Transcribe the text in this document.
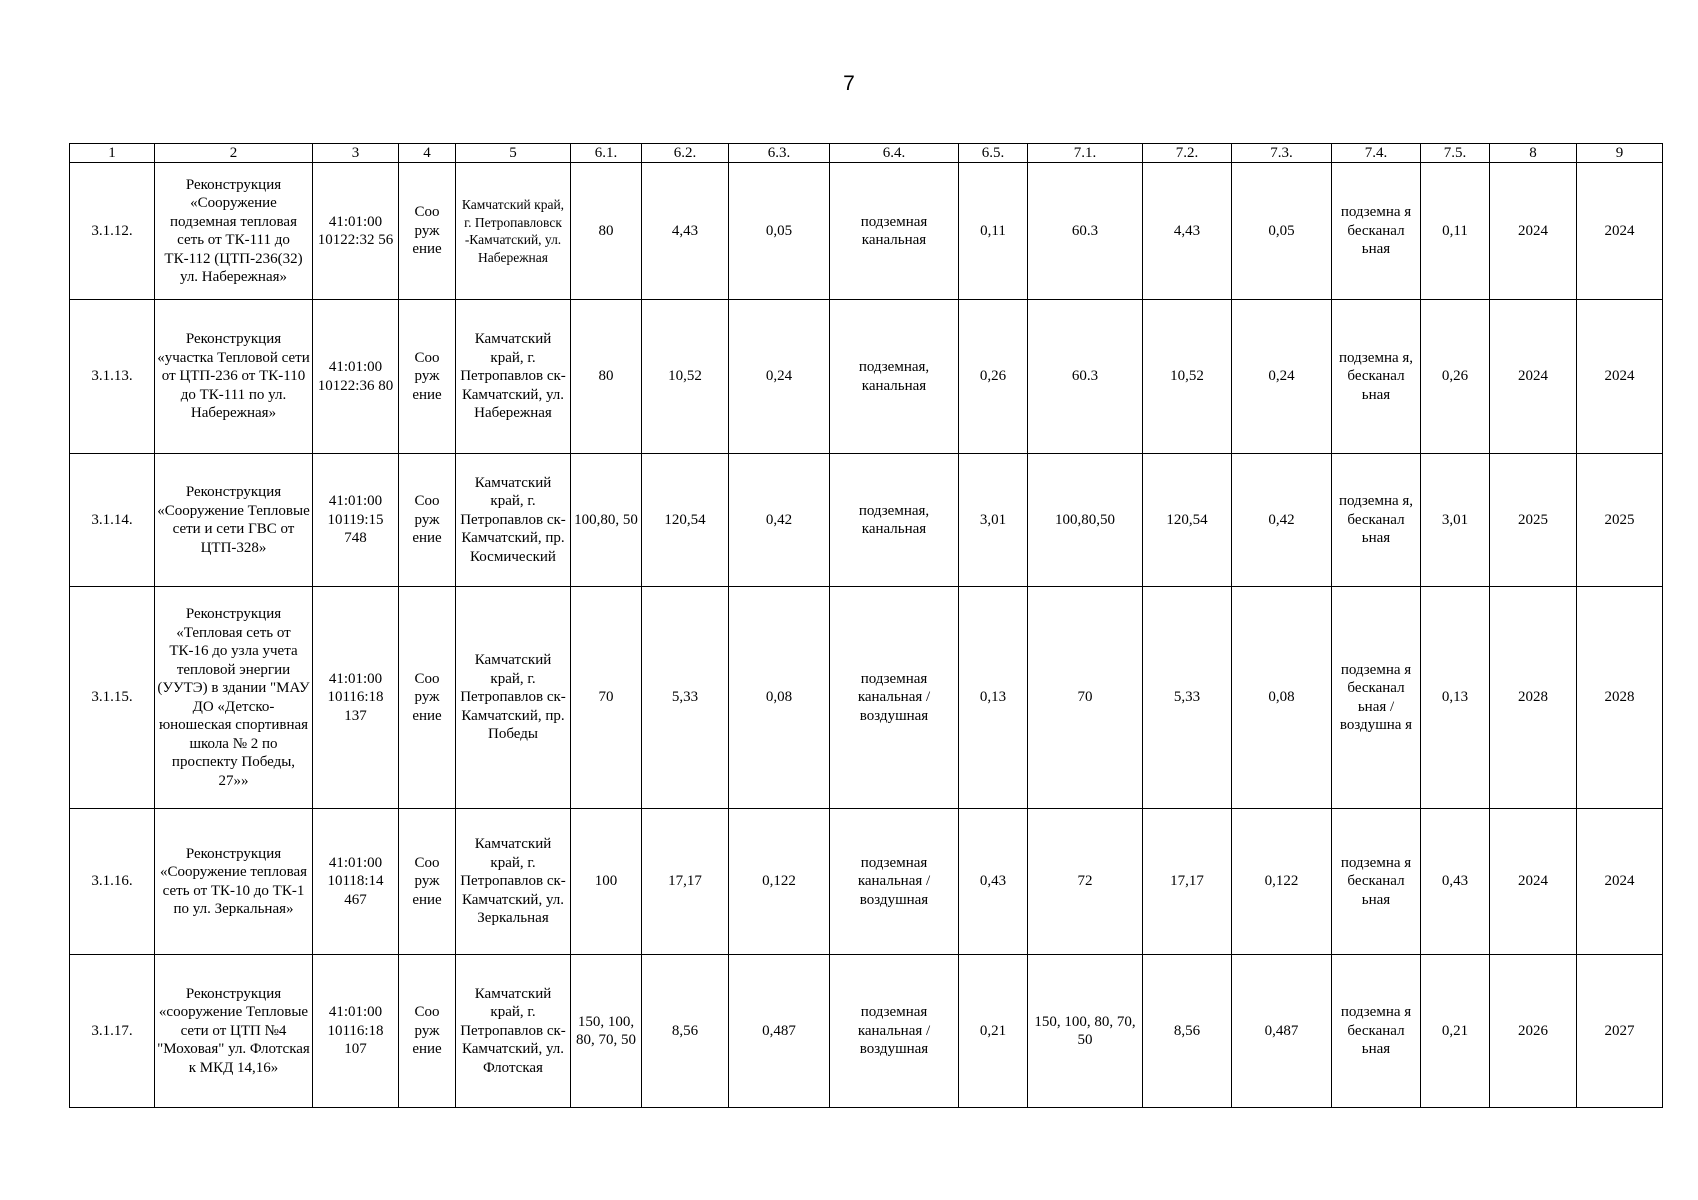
7
1	2	3	4	5	6.1.	6.2.	6.3.	6.4.	6.5.	7.1.	7.2.	7.3.	7.4.	7.5.	8	9
3.1.12.	Реконструкция «Сооружение подземная тепловая сеть от ТК-111 до ТК-112 (ЦТП-236(32) ул. Набережная»	41:01:00 10122:32 56	Соо руж ение	Камчатский край, г. Петропавловск -Камчатский, ул. Набережная	80	4,43	0,05	подземная канальная	0,11	60.3	4,43	0,05	подземна я бесканал ьная	0,11	2024	2024
3.1.13.	Реконструкция «участка Тепловой сети от ЦТП-236 от ТК-110 до ТК-111 по ул. Набережная»	41:01:00 10122:36 80	Соо руж ение	Камчатский край, г. Петропавлов ск-Камчатский, ул. Набережная	80	10,52	0,24	подземная, канальная	0,26	60.3	10,52	0,24	подземна я, бесканал ьная	0,26	2024	2024
3.1.14.	Реконструкция «Сооружение Тепловые сети и сети ГВС от ЦТП-328»	41:01:00 10119:15 748	Соо руж ение	Камчатский край, г. Петропавлов ск-Камчатский, пр. Космический	100,80, 50	120,54	0,42	подземная, канальная	3,01	100,80,50	120,54	0,42	подземна я, бесканал ьная	3,01	2025	2025
3.1.15.	Реконструкция «Тепловая сеть от ТК-16 до узла учета тепловой энергии (УУТЭ) в здании "МАУ ДО «Детско-юношеская спортивная школа № 2 по проспекту Победы, 27»»	41:01:00 10116:18 137	Соо руж ение	Камчатский край, г. Петропавлов ск-Камчатский, пр. Победы	70	5,33	0,08	подземная канальная / воздушная	0,13	70	5,33	0,08	подземна я бесканал ьная / воздушна я	0,13	2028	2028
3.1.16.	Реконструкция «Сооружение тепловая сеть от ТК-10 до ТК-1 по ул. Зеркальная»	41:01:00 10118:14 467	Соо руж ение	Камчатский край, г. Петропавлов ск-Камчатский, ул. Зеркальная	100	17,17	0,122	подземная канальная / воздушная	0,43	72	17,17	0,122	подземна я бесканал ьная	0,43	2024	2024
3.1.17.	Реконструкция «сооружение Тепловые сети от ЦТП №4 "Моховая" ул. Флотская к МКД 14,16»	41:01:00 10116:18 107	Соо руж ение	Камчатский край, г. Петропавлов ск-Камчатский, ул. Флотская	150, 100, 80, 70, 50	8,56	0,487	подземная канальная / воздушная	0,21	150, 100, 80, 70, 50	8,56	0,487	подземна я бесканал ьная	0,21	2026	2027
